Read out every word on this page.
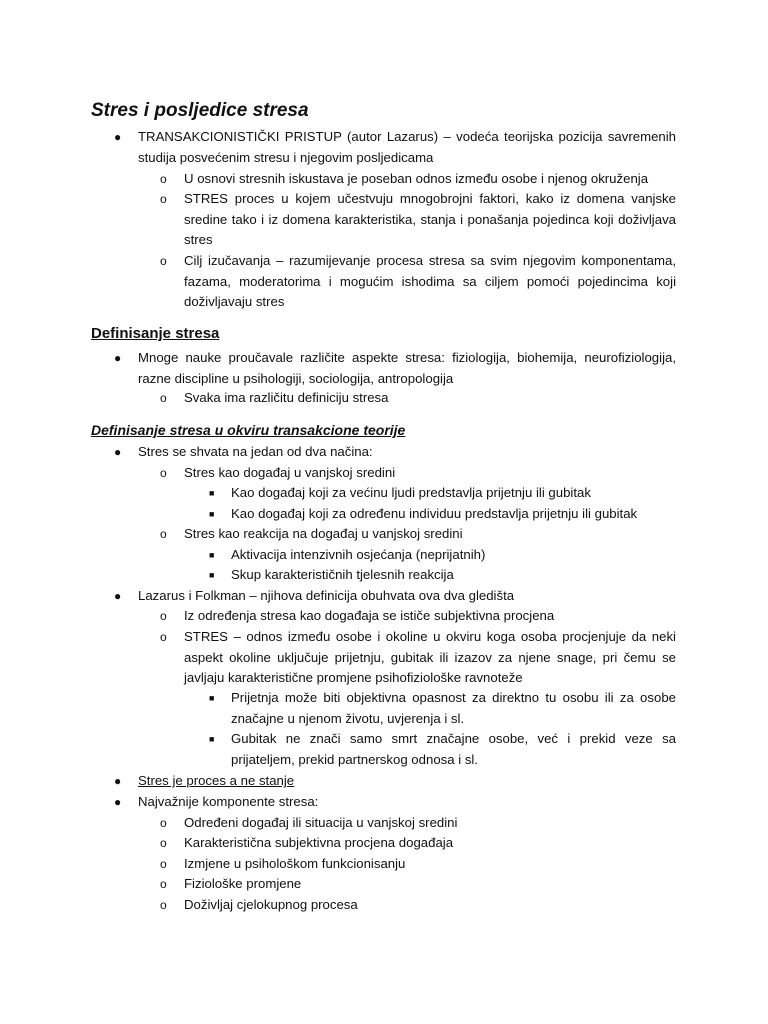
Stres i posljedice stresa
● TRANSAKCIONISTIČKI PRISTUP (autor Lazarus) – vodeća teorijska pozicija savremenih studija posvećenim stresu i njegovim posljedicama
o U osnovi stresnih iskustava je poseban odnos između osobe i njenog okruženja
o STRES proces u kojem učestvuju mnogobrojni faktori, kako iz domena vanjske sredine tako i iz domena karakteristika, stanja i ponašanja pojedinca koji doživljava stres
o Cilj izučavanja – razumijevanje procesa stresa sa svim njegovim komponentama, fazama, moderatorima i mogućim ishodima sa ciljem pomoći pojedincima koji doživljavaju stres
Definisanje stresa
● Mnoge nauke proučavale različite aspekte stresa: fiziologija, biohemija, neurofiziologija, razne discipline u psihologiji, sociologija, antropologija
o Svaka ima različitu definiciju stresa
Definisanje stresa u okviru transakcione teorije
● Stres se shvata na jedan od dva načina:
o Stres kao događaj u vanjskoj sredini
■ Kao događaj koji za većinu ljudi predstavlja prijetnju ili gubitak
■ Kao događaj koji za određenu individuu predstavlja prijetnju ili gubitak
o Stres kao reakcija na događaj u vanjskoj sredini
■ Aktivacija intenzivnih osjećanja (neprijatnih)
■ Skup karakterističnih tjelesnih reakcija
● Lazarus i Folkman – njihova definicija obuhvata ova dva gledišta
o Iz određenja stresa kao događaja se ističe subjektivna procjena
o STRES – odnos između osobe i okoline u okviru koga osoba procjenjuje da neki aspekt okoline uključuje prijetnju, gubitak ili izazov za njene snage, pri čemu se javljaju karakteristične promjene psihofiziološke ravnoteže
■ Prijetnja može biti objektivna opasnost za direktno tu osobu ili za osobe značajne u njenom životu, uvjerenja i sl.
■ Gubitak ne znači samo smrt značajne osobe, već i prekid veze sa prijateljem, prekid partnerskog odnosa i sl.
● Stres je proces a ne stanje
● Najvažnije komponente stresa:
o Određeni događaj ili situacija u vanjskoj sredini
o Karakteristična subjektivna procjena događaja
o Izmjene u psihološkom funkcionisanju
o Fiziološke promjene
o Doživljaj cjelokupnog procesa
